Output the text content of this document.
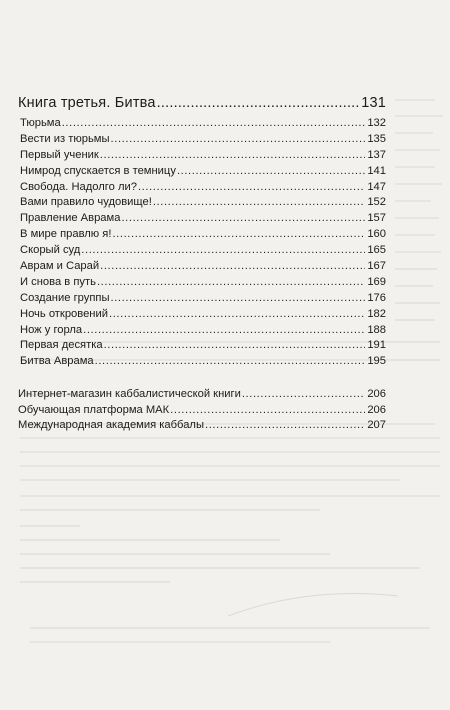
Книга третья. Битва .....	131
Тюрьма .....	132
Вести из тюрьмы .....	135
Первый ученик .....	137
Нимрод спускается в темницу .....	141
Свобода. Надолго ли? .....	147
Вами правило чудовище! .....	152
Правление Аврама .....	157
В мире правлю я! .....	160
Скорый суд .....	165
Аврам и Сарай .....	167
И снова в путь .....	169
Создание группы .....	176
Ночь откровений .....	182
Нож у горла .....	188
Первая десятка .....	191
Битва Аврама .....	195
Интернет-магазин каббалистической книги .....	206
Обучающая платформа МАК .....	206
Международная академия каббалы .....	207
